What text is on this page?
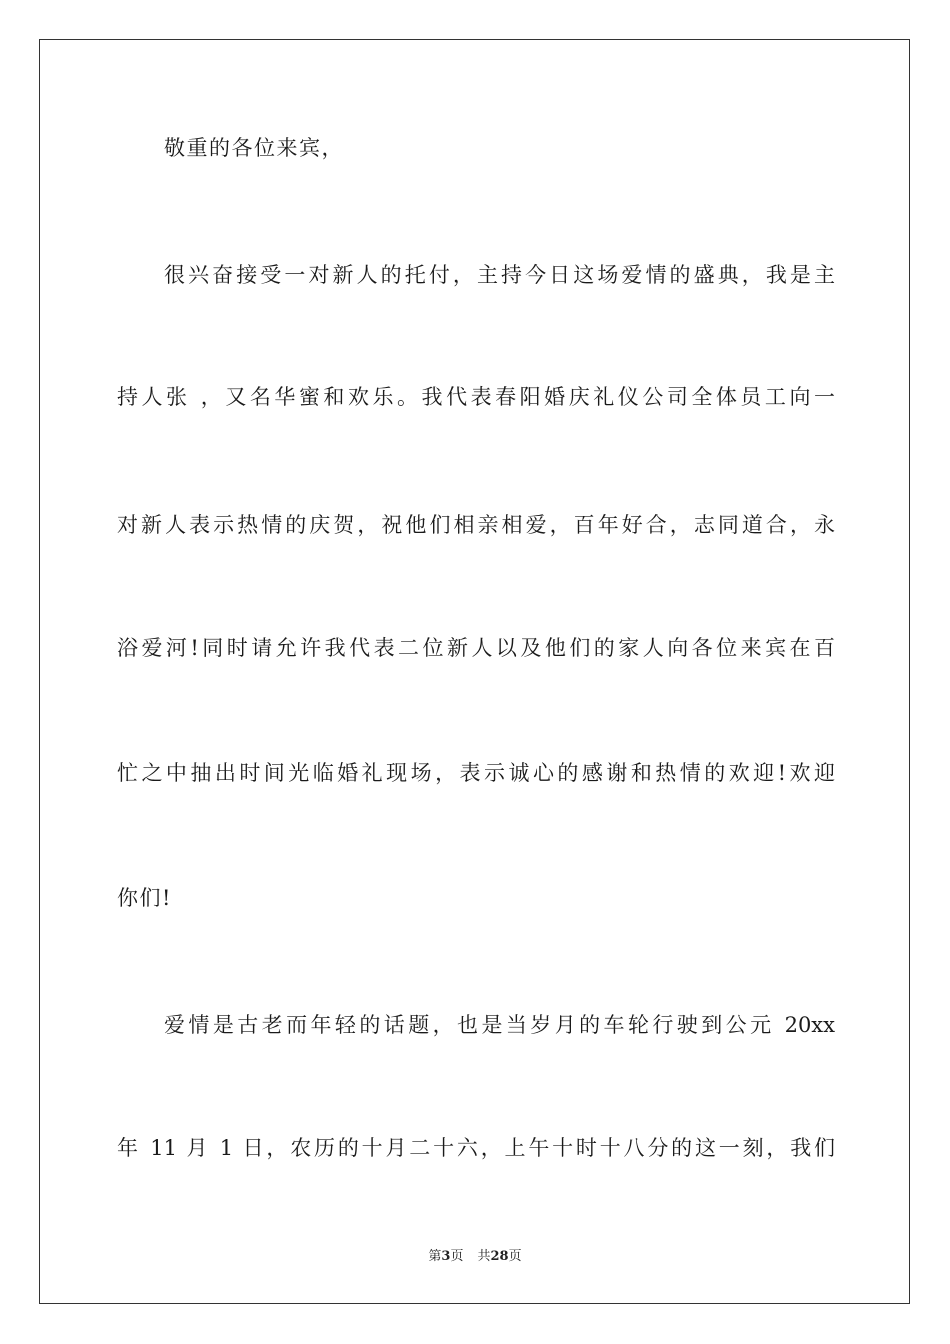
敬重的各位来宾，
很兴奋接受一对新人的托付，主持今日这场爱情的盛典，我是主
持人张 ，又名华蜜和欢乐。我代表春阳婚庆礼仪公司全体员工向一
对新人表示热情的庆贺，祝他们相亲相爱，百年好合，志同道合，永
浴爱河!同时请允许我代表二位新人以及他们的家人向各位来宾在百
忙之中抽出时间光临婚礼现场，表示诚心的感谢和热情的欢迎!欢迎
你们!
爱情是古老而年轻的话题，也是当岁月的车轮行驶到公元 20xx
年 11 月 1 日，农历的十月二十六，上午十时十八分的这一刻，我们
第3页 共28页
